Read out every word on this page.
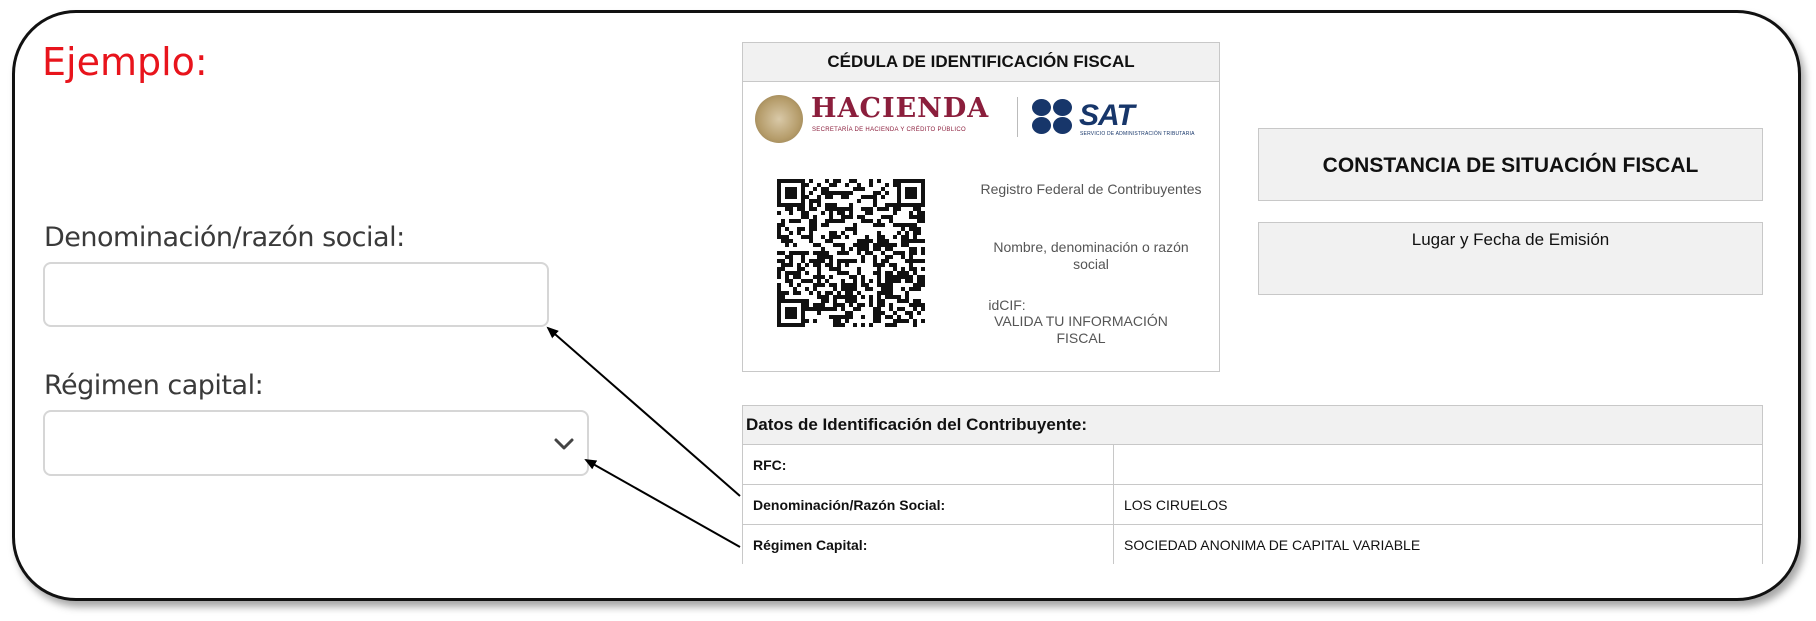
Ejemplo:
Denominación/razón social:
Régimen capital:
CÉDULA DE IDENTIFICACIÓN FISCAL
HACIENDA
SECRETARÍA DE HACIENDA Y CRÉDITO PÚBLICO	SAT
SERVICIO DE ADMINISTRACIÓN TRIBUTARIA
Registro Federal de Contribuyentes
Nombre, denominación o razón social
idCIF:
VALIDA TU INFORMACIÓN FISCAL
CONSTANCIA DE SITUACIÓN FISCAL
Lugar y Fecha de Emisión
Datos de Identificación del Contribuyente:	
RFC:	
Denominación/Razón Social:	LOS CIRUELOS
Régimen Capital:	SOCIEDAD ANONIMA DE CAPITAL VARIABLE
